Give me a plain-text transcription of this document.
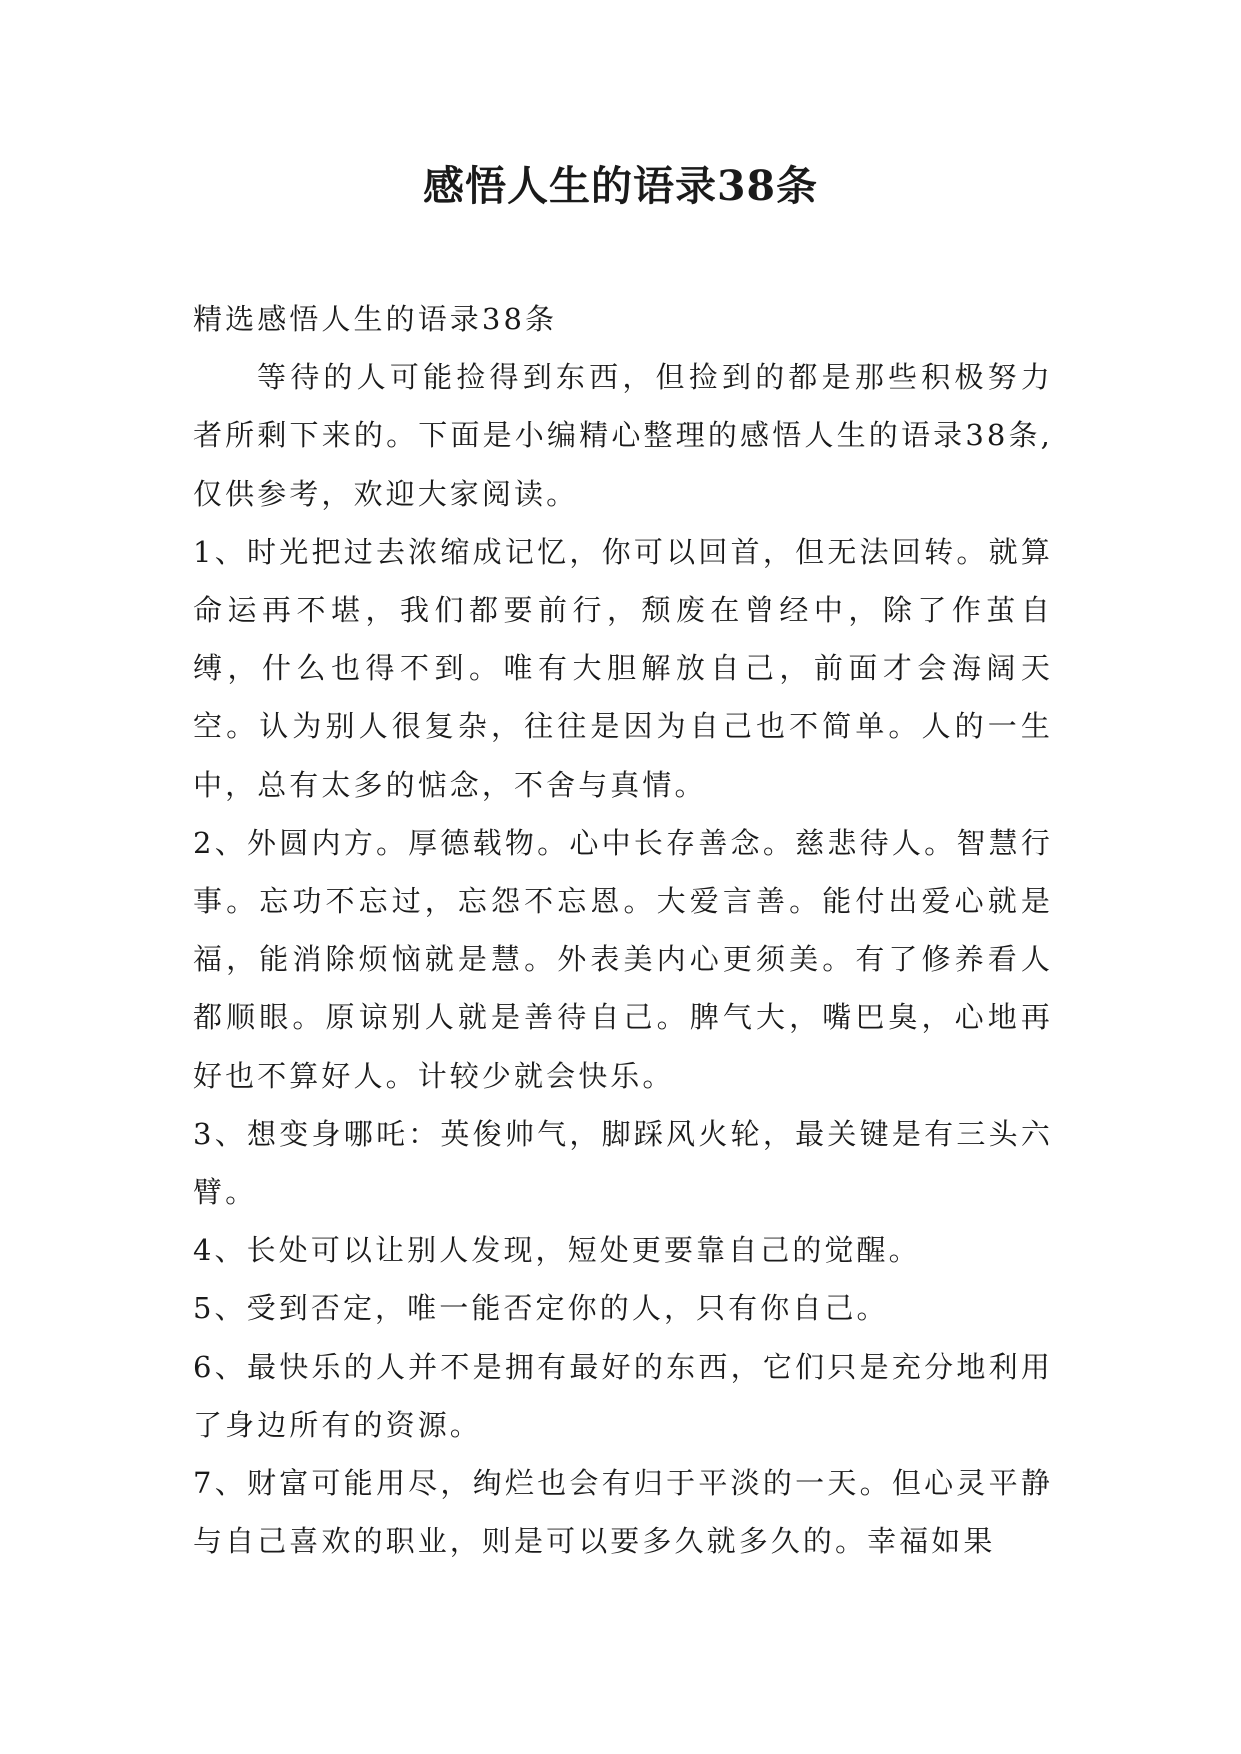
感悟人生的语录38条

精选感悟人生的语录38条

等待的人可能捡得到东西，但捡到的都是那些积极努力者所剩下来的。下面是小编精心整理的感悟人生的语录38条,仅供参考，欢迎大家阅读。

1、时光把过去浓缩成记忆，你可以回首，但无法回转。就算命运再不堪，我们都要前行，颓废在曾经中，除了作茧自缚，什么也得不到。唯有大胆解放自己，前面才会海阔天空。认为别人很复杂，往往是因为自己也不简单。人的一生中，总有太多的惦念，不舍与真情。

2、外圆内方。厚德载物。心中长存善念。慈悲待人。智慧行事。忘功不忘过，忘怨不忘恩。大爱言善。能付出爱心就是福，能消除烦恼就是慧。外表美内心更须美。有了修养看人都顺眼。原谅别人就是善待自己。脾气大，嘴巴臭，心地再好也不算好人。计较少就会快乐。

3、想变身哪吒：英俊帅气，脚踩风火轮，最关键是有三头六臂。

4、长处可以让别人发现，短处更要靠自己的觉醒。

5、受到否定，唯一能否定你的人，只有你自己。

6、最快乐的人并不是拥有最好的东西，它们只是充分地利用了身边所有的资源。

7、财富可能用尽，绚烂也会有归于平淡的一天。但心灵平静与自己喜欢的职业，则是可以要多久就多久的。幸福如果
